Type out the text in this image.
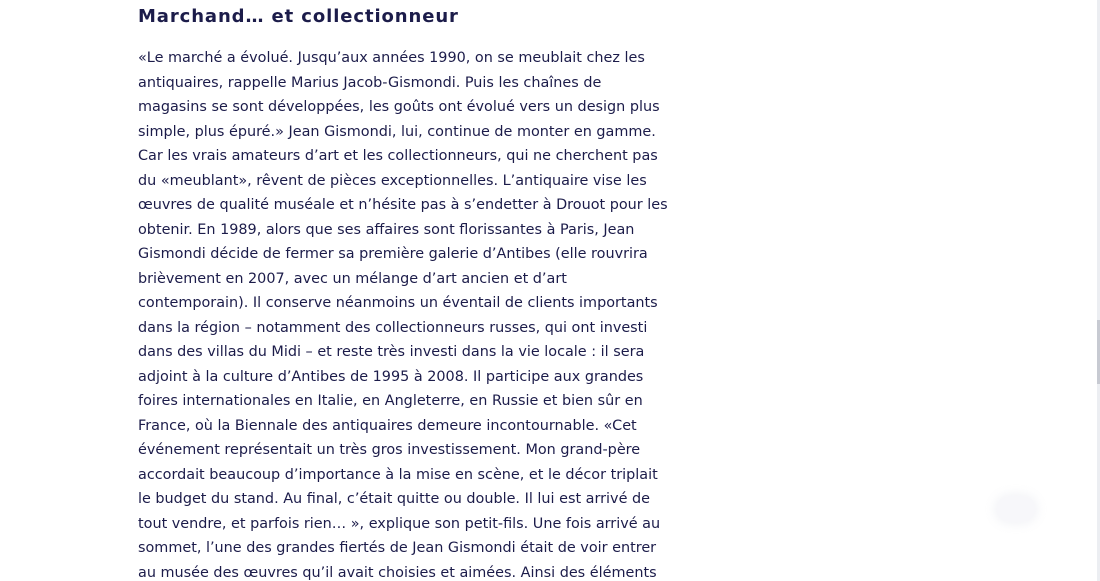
Marchand… et collectionneur

«Le marché a évolué. Jusqu’aux années 1990, on se meublait chez les
antiquaires, rappelle Marius Jacob-Gismondi. Puis les chaînes de
magasins se sont développées, les goûts ont évolué vers un design plus
simple, plus épuré.» Jean Gismondi, lui, continue de monter en gamme.
Car les vrais amateurs d’art et les collectionneurs, qui ne cherchent pas
du «meublant», rêvent de pièces exceptionnelles. L’antiquaire vise les
œuvres de qualité muséale et n’hésite pas à s’endetter à Drouot pour les
obtenir. En 1989, alors que ses affaires sont florissantes à Paris, Jean
Gismondi décide de fermer sa première galerie d’Antibes (elle rouvrira
brièvement en 2007, avec un mélange d’art ancien et d’art
contemporain). Il conserve néanmoins un éventail de clients importants
dans la région – notamment des collectionneurs russes, qui ont investi
dans des villas du Midi – et reste très investi dans la vie locale : il sera
adjoint à la culture d’Antibes de 1995 à 2008. Il participe aux grandes
foires internationales en Italie, en Angleterre, en Russie et bien sûr en
France, où la Biennale des antiquaires demeure incontournable. «Cet
événement représentait un très gros investissement. Mon grand-père
accordait beaucoup d’importance à la mise en scène, et le décor triplait
le budget du stand. Au final, c’était quitte ou double. Il lui est arrivé de
tout vendre, et parfois rien… », explique son petit-fils. Une fois arrivé au
sommet, l’une des grandes fiertés de Jean Gismondi était de voir entrer
au musée des œuvres qu’il avait choisies et aimées. Ainsi des éléments
